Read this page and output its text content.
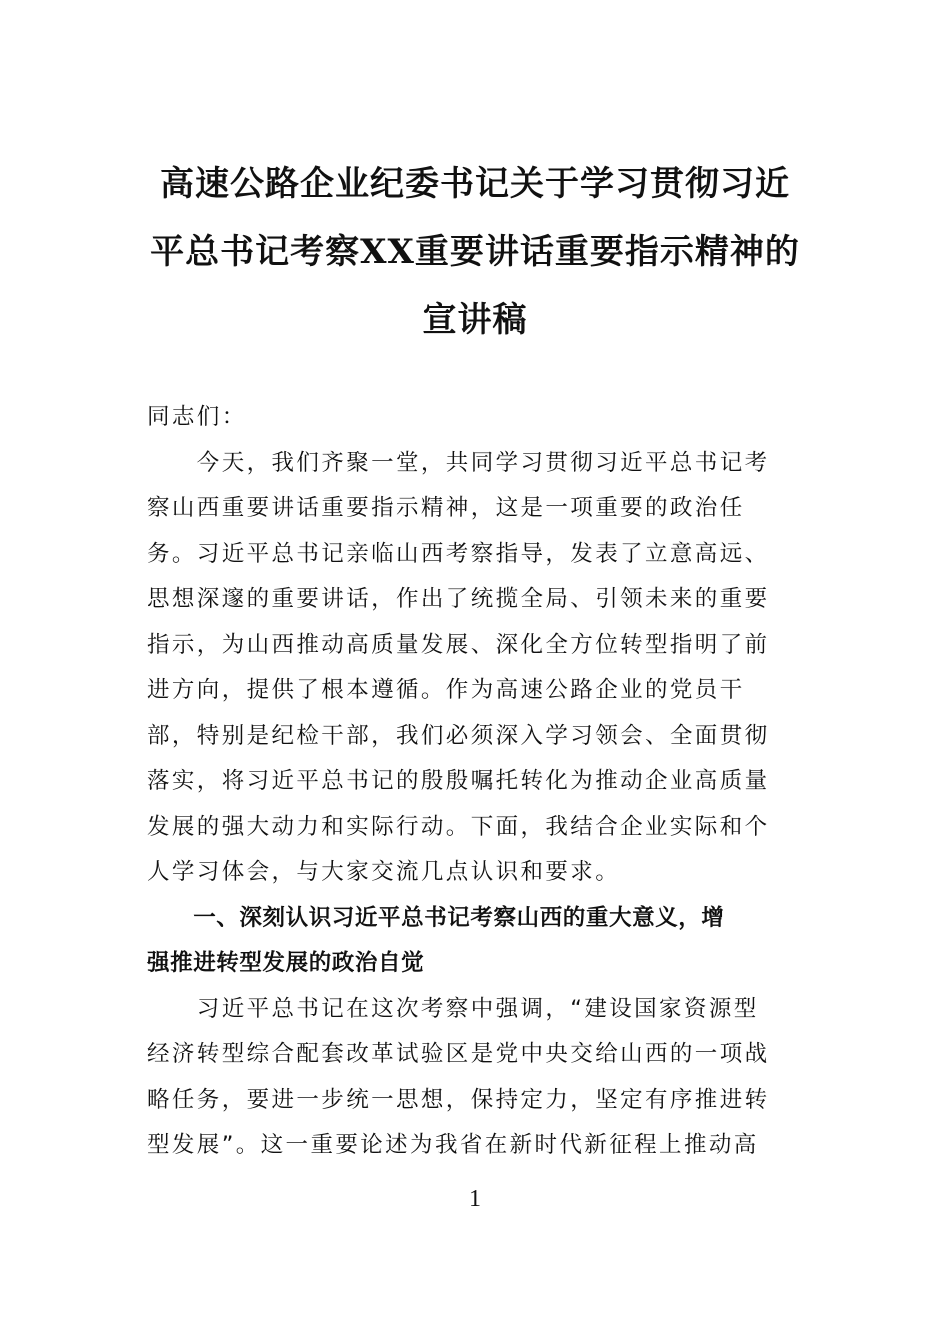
高速公路企业纪委书记关于学习贯彻习近
平总书记考察XX重要讲话重要指示精神的
宣讲稿
同志们：
　　今天，我们齐聚一堂，共同学习贯彻习近平总书记考
察山西重要讲话重要指示精神，这是一项重要的政治任
务。习近平总书记亲临山西考察指导，发表了立意高远、
思想深邃的重要讲话，作出了统揽全局、引领未来的重要
指示，为山西推动高质量发展、深化全方位转型指明了前
进方向，提供了根本遵循。作为高速公路企业的党员干
部，特别是纪检干部，我们必须深入学习领会、全面贯彻
落实，将习近平总书记的殷殷嘱托转化为推动企业高质量
发展的强大动力和实际行动。下面，我结合企业实际和个
人学习体会，与大家交流几点认识和要求。
　　一、深刻认识习近平总书记考察山西的重大意义，增
强推进转型发展的政治自觉
　　习近平总书记在这次考察中强调，“建设国家资源型
经济转型综合配套改革试验区是党中央交给山西的一项战
略任务，要进一步统一思想，保持定力，坚定有序推进转
型发展”。这一重要论述为我省在新时代新征程上推动高
1
